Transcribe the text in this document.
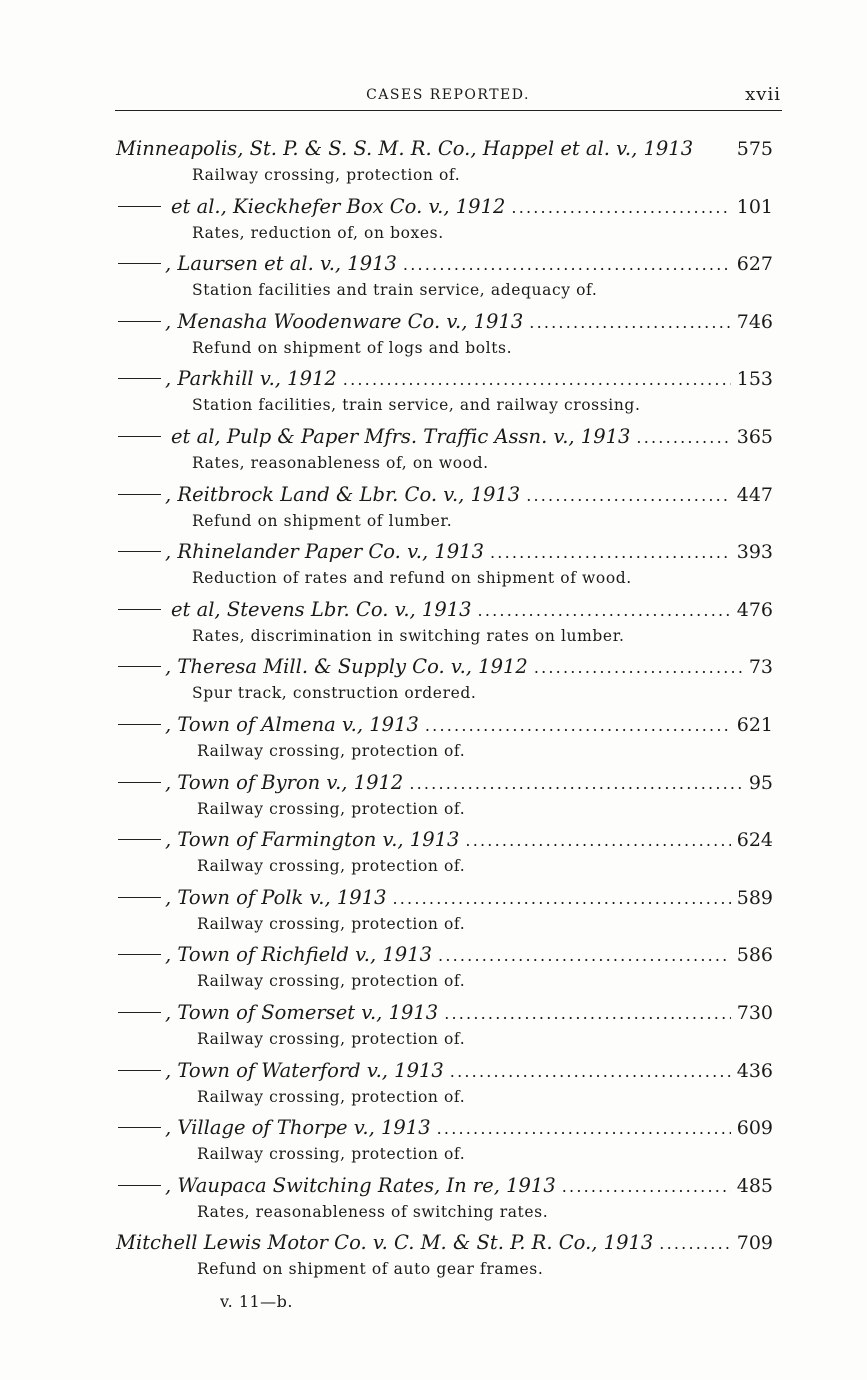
CASES REPORTED.	xvii
Minneapolis, St. P. & S. S. M. R. Co., Happel et al. v., 1913 575
Railway crossing, protection of.
et al., Kieckhefer Box Co. v., 1912 .....	101
Rates, reduction of, on boxes.
, Laursen et al. v., 1913 .....	627
Station facilities and train service, adequacy of.
, Menasha Woodenware Co. v., 1913 .....	746
Refund on shipment of logs and bolts.
, Parkhill v., 1912 .....	153
Station facilities, train service, and railway crossing.
et al, Pulp & Paper Mfrs. Traffic Assn. v., 1913 .....	365
Rates, reasonableness of, on wood.
, Reitbrock Land & Lbr. Co. v., 1913 .....	447
Refund on shipment of lumber.
, Rhinelander Paper Co. v., 1913 .....	393
Reduction of rates and refund on shipment of wood.
et al, Stevens Lbr. Co. v., 1913 .....	476
Rates, discrimination in switching rates on lumber.
, Theresa Mill. & Supply Co. v., 1912 .....	73
Spur track, construction ordered.
, Town of Almena v., 1913 .....	621
Railway crossing, protection of.
, Town of Byron v., 1912 .....	95
Railway crossing, protection of.
, Town of Farmington v., 1913 .....	624
Railway crossing, protection of.
, Town of Polk v., 1913 .....	589
Railway crossing, protection of.
, Town of Richfield v., 1913 .....	586
Railway crossing, protection of.
, Town of Somerset v., 1913 .....	730
Railway crossing, protection of.
, Town of Waterford v., 1913 .....	436
Railway crossing, protection of.
, Village of Thorpe v., 1913 .....	609
Railway crossing, protection of.
, Waupaca Switching Rates, In re, 1913 .....	485
Rates, reasonableness of switching rates.
Mitchell Lewis Motor Co. v. C. M. & St. P. R. Co., 1913 .....	709
Refund on shipment of auto gear frames.
v. 11—b.
